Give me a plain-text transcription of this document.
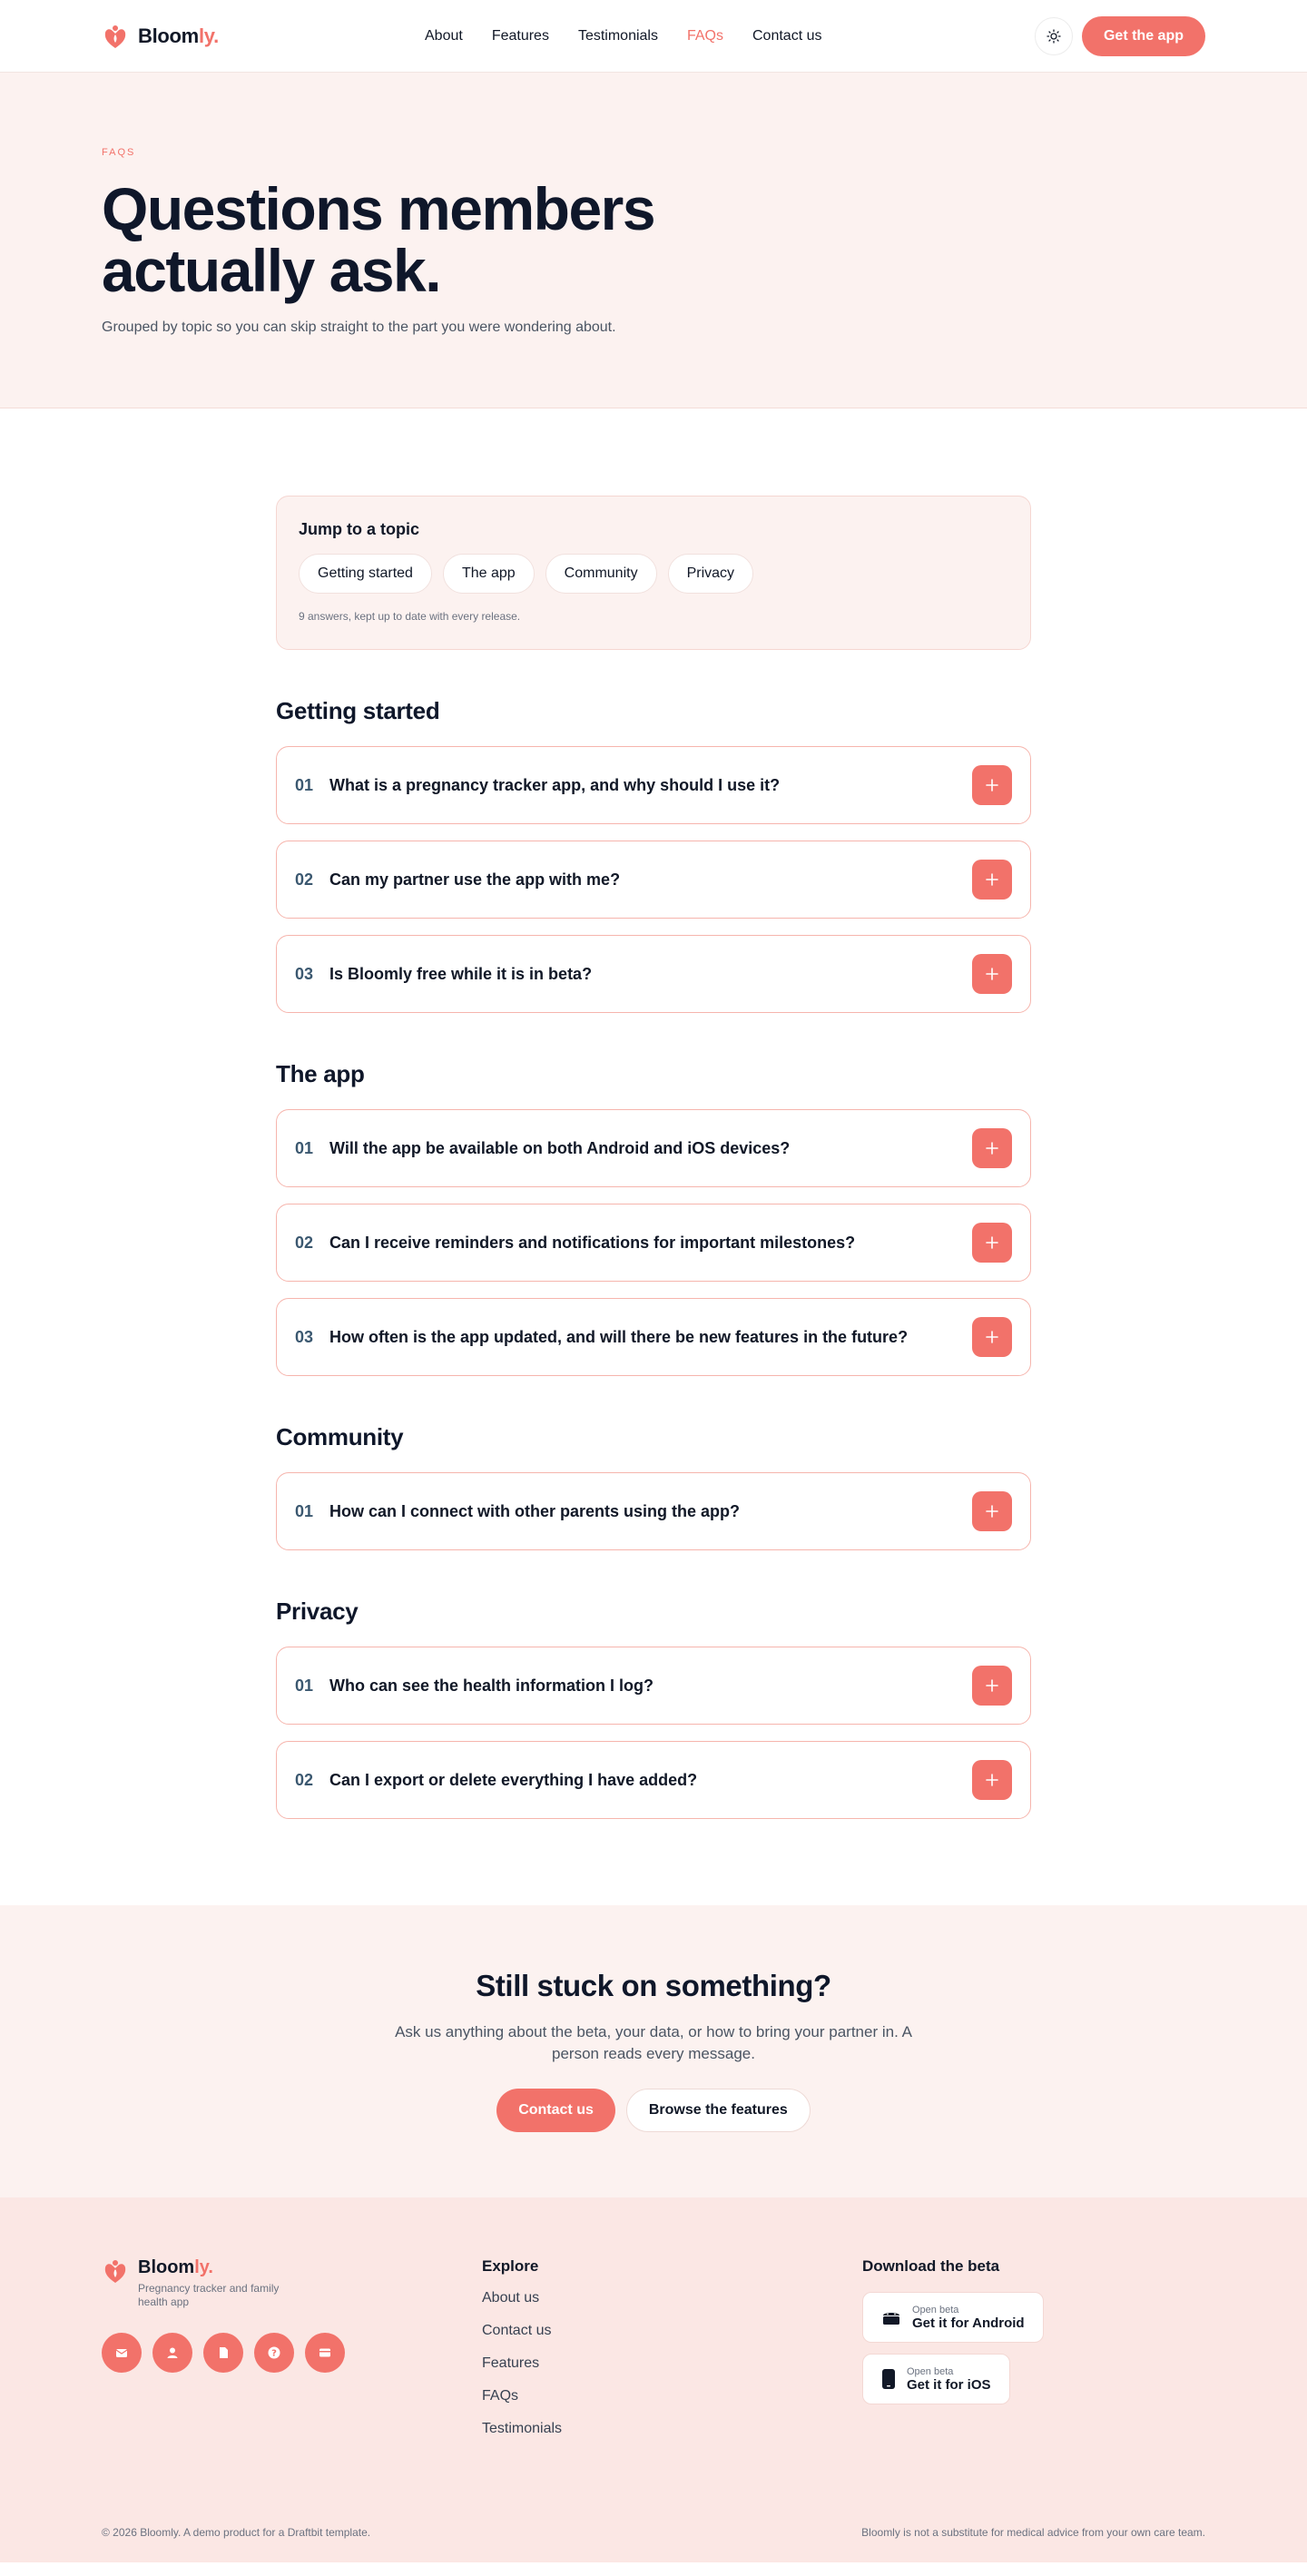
Bloomly.	About Features Testimonials FAQs Contact us	Get the app
FAQS
Questions members actually ask.

Grouped by topic so you can skip straight to the part you were wondering about.

Jump to a topic
Getting started	The app	Community	Privacy
9 answers, kept up to date with every release.
Getting started
01 What is a pregnancy tracker app, and why should I use it?
02 Can my partner use the app with me?
03 Is Bloomly free while it is in beta?
The app
01 Will the app be available on both Android and iOS devices?
02 Can I receive reminders and notifications for important milestones?
03 How often is the app updated, and will there be new features in the future?
Community
01 How can I connect with other parents using the app?
Privacy
01 Who can see the health information I log?
02 Can I export or delete everything I have added?
Still stuck on something?

Ask us anything about the beta, your data, or how to bring your partner in. A person reads every message.

Contact us	Browse the features
Bloomly.
Pregnancy tracker and family health app
?
Explore
About us
Contact us
Features
FAQs
Testimonials
Download the beta
Open beta
Get it for Android
Open beta
Get it for iOS
© 2026 Bloomly. A demo product for a Draftbit template.	Bloomly is not a substitute for medical advice from your own care team.
